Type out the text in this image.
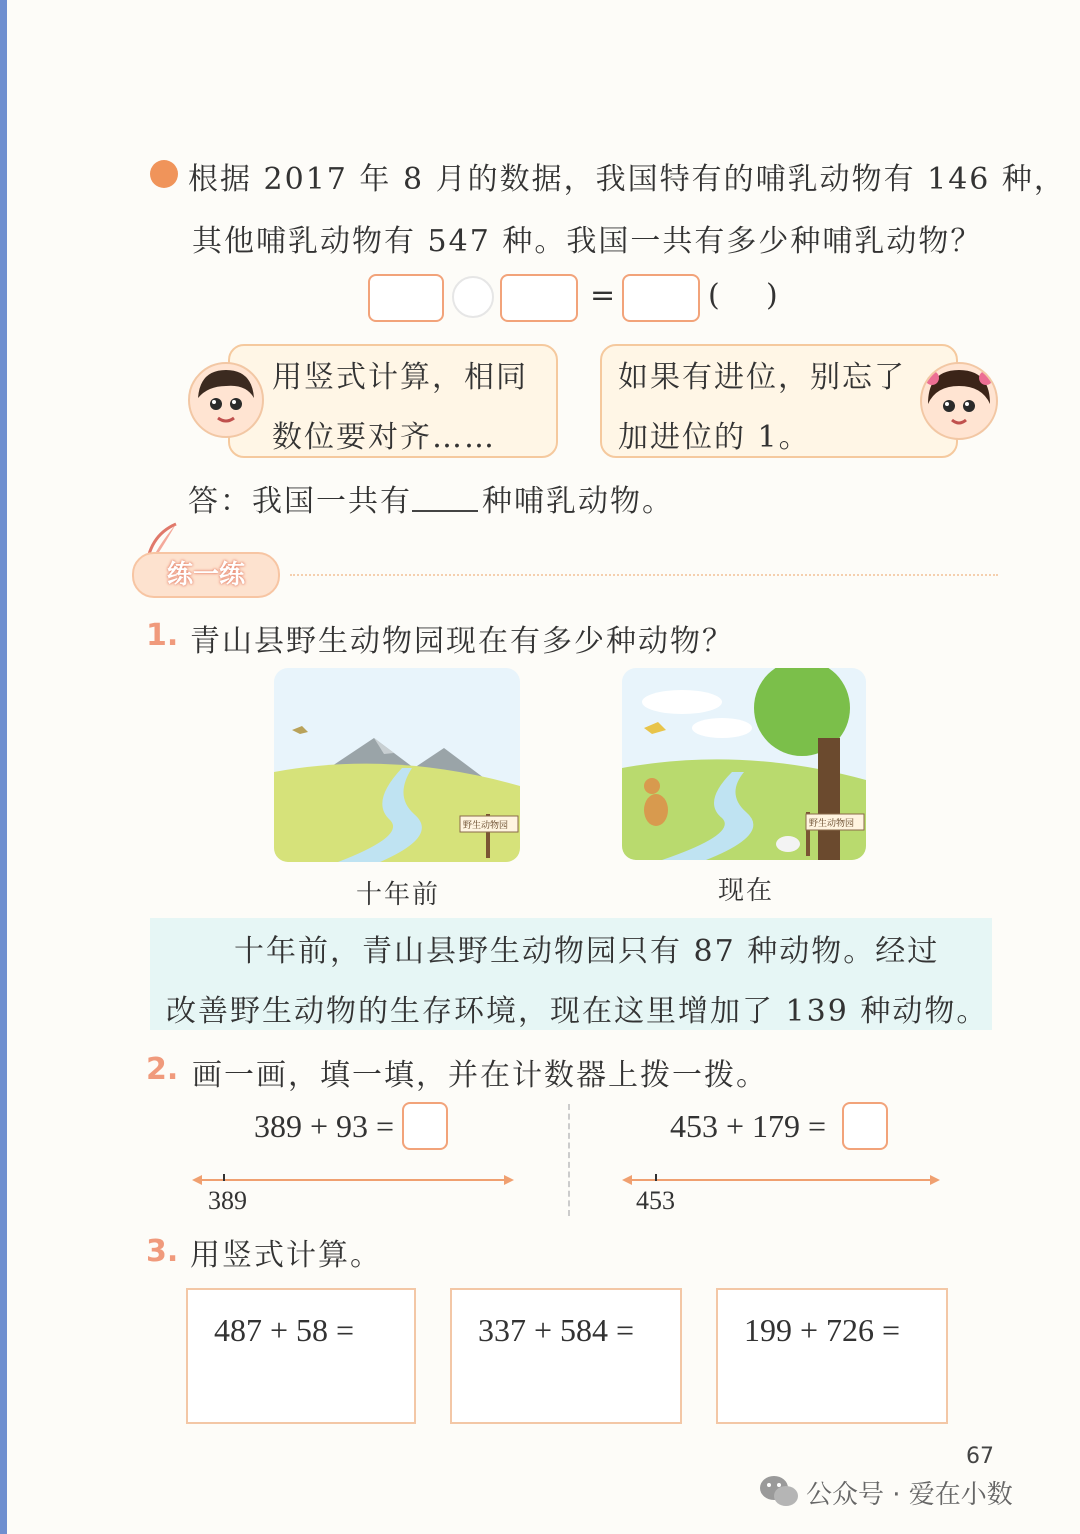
根据 2017 年 8 月的数据，我国特有的哺乳动物有 146 种，
其他哺乳动物有 547 种。我国一共有多少种哺乳动物？
=	( )
用竖式计算，相同
数位要对齐……
如果有进位，别忘了
加进位的 1。
答：我国一共有 种哺乳动物。
练一练
1. 青山县野生动物园现在有多少种动物？
野生动物园
十年前
野生动物园
现在
十年前，青山县野生动物园只有 87 种动物。经过
改善野生动物的生存环境，现在这里增加了 139 种动物。
2. 画一画，填一填，并在计数器上拨一拨。
389 + 93 =
389
453 + 179 =
453
3. 用竖式计算。
487 + 58 =	337 + 584 =	199 + 726 =
67
公众号 · 爱在小数
